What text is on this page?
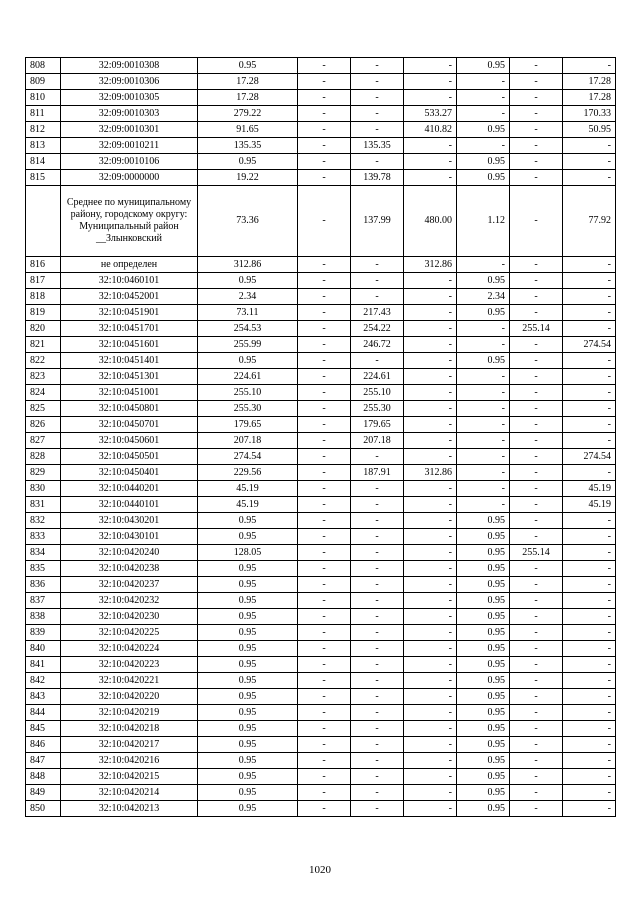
808	32:09:0010308	0.95	-	-	-	0.95	-	-
809	32:09:0010306	17.28	-	-	-	-	-	17.28
810	32:09:0010305	17.28	-	-	-	-	-	17.28
811	32:09:0010303	279.22	-	-	533.27	-	-	170.33
812	32:09:0010301	91.65	-	-	410.82	0.95	-	50.95
813	32:09:0010211	135.35	-	135.35	-	-	-	-
814	32:09:0010106	0.95	-	-	-	0.95	-	-
815	32:09:0000000	19.22	-	139.78	-	0.95	-	-
	Среднее по муниципальному району, городскому округу: Муниципальный район __Злынковский	73.36	-	137.99	480.00	1.12	-	77.92
816	не определен	312.86	-	-	312.86	-	-	-
817	32:10:0460101	0.95	-	-	-	0.95	-	-
818	32:10:0452001	2.34	-	-	-	2.34	-	-
819	32:10:0451901	73.11	-	217.43	-	0.95	-	-
820	32:10:0451701	254.53	-	254.22	-	-	255.14	-
821	32:10:0451601	255.99	-	246.72	-	-	-	274.54
822	32:10:0451401	0.95	-	-	-	0.95	-	-
823	32:10:0451301	224.61	-	224.61	-	-	-	-
824	32:10:0451001	255.10	-	255.10	-	-	-	-
825	32:10:0450801	255.30	-	255.30	-	-	-	-
826	32:10:0450701	179.65	-	179.65	-	-	-	-
827	32:10:0450601	207.18	-	207.18	-	-	-	-
828	32:10:0450501	274.54	-	-	-	-	-	274.54
829	32:10:0450401	229.56	-	187.91	312.86	-	-	-
830	32:10:0440201	45.19	-	-	-	-	-	45.19
831	32:10:0440101	45.19	-	-	-	-	-	45.19
832	32:10:0430201	0.95	-	-	-	0.95	-	-
833	32:10:0430101	0.95	-	-	-	0.95	-	-
834	32:10:0420240	128.05	-	-	-	0.95	255.14	-
835	32:10:0420238	0.95	-	-	-	0.95	-	-
836	32:10:0420237	0.95	-	-	-	0.95	-	-
837	32:10:0420232	0.95	-	-	-	0.95	-	-
838	32:10:0420230	0.95	-	-	-	0.95	-	-
839	32:10:0420225	0.95	-	-	-	0.95	-	-
840	32:10:0420224	0.95	-	-	-	0.95	-	-
841	32:10:0420223	0.95	-	-	-	0.95	-	-
842	32:10:0420221	0.95	-	-	-	0.95	-	-
843	32:10:0420220	0.95	-	-	-	0.95	-	-
844	32:10:0420219	0.95	-	-	-	0.95	-	-
845	32:10:0420218	0.95	-	-	-	0.95	-	-
846	32:10:0420217	0.95	-	-	-	0.95	-	-
847	32:10:0420216	0.95	-	-	-	0.95	-	-
848	32:10:0420215	0.95	-	-	-	0.95	-	-
849	32:10:0420214	0.95	-	-	-	0.95	-	-
850	32:10:0420213	0.95	-	-	-	0.95	-	-
1020
